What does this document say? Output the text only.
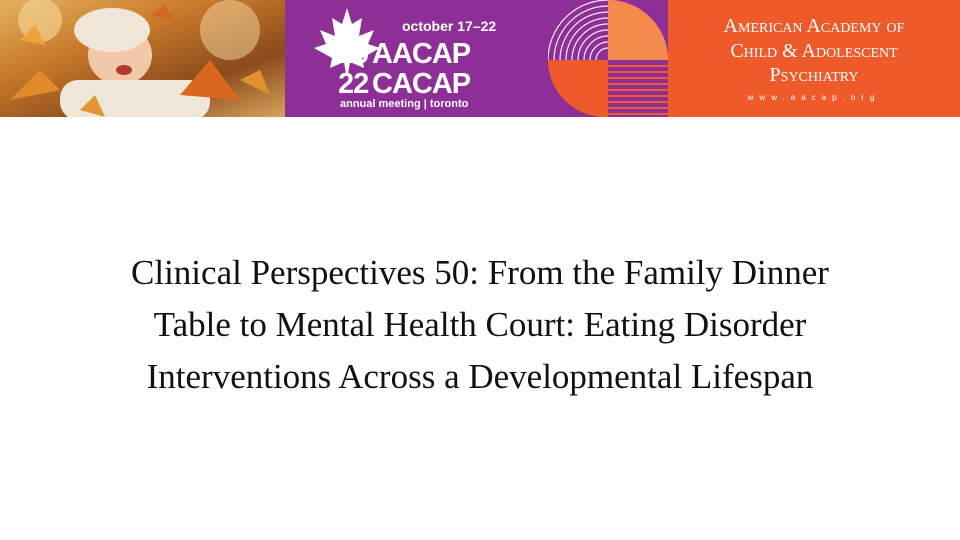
october 17–22
20 AACAP
22 CACAP
annual meeting | toronto
American Academy of
Child & Adolescent
Psychiatry
www.aacap.org
Clinical Perspectives 50: From the Family Dinner
Table to Mental Health Court: Eating Disorder
Interventions Across a Developmental Lifespan
